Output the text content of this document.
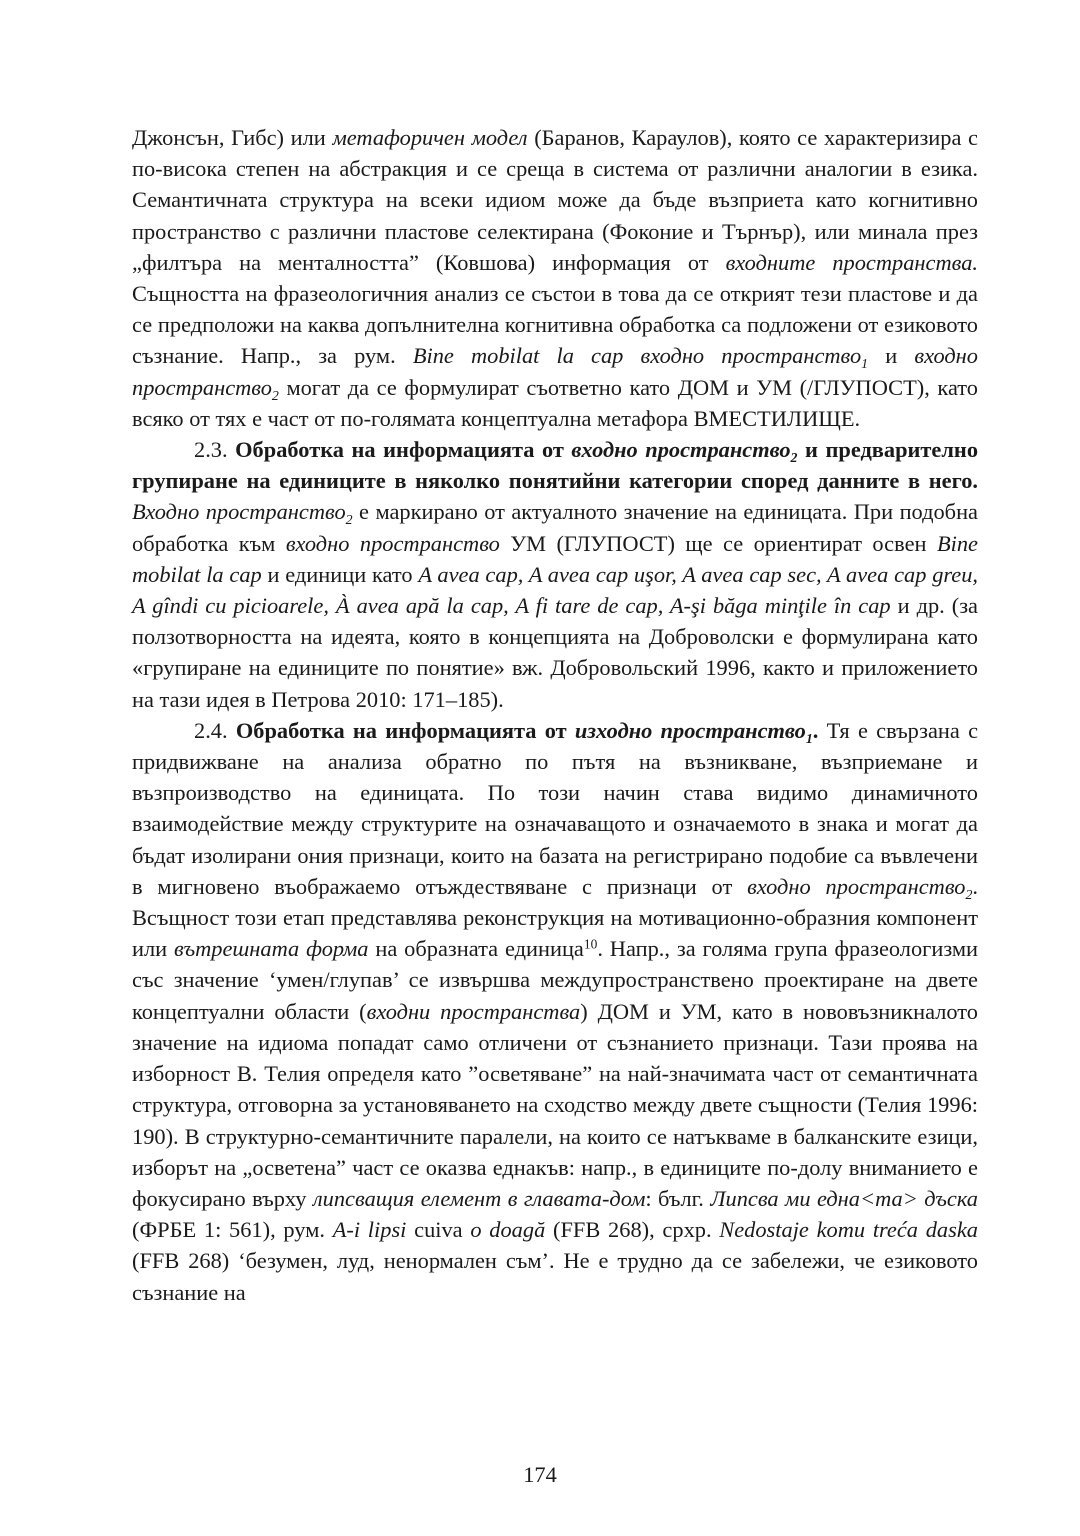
Джонсън, Гибс) или метафоричен модел (Баранов, Караулов), която се характеризира с по-висока степен на абстракция и се среща в система от различни аналогии в езика. Семантичната структура на всеки идиом може да бъде възприета като когнитивно пространство с различни пластове селектирана (Фоконие и Търнър), или минала през „филтъра на менталността” (Ковшова) информация от входните пространства. Същността на фразеологичния анализ се състои в това да се открият тези пластове и да се предположи на каква допълнителна когнитивна обработка са подложени от езиковото съзнание. Напр., за рум. Bine mobilat la cap входно пространство$_1$ и входно пространство$_2$ могат да се формулират съответно като ДОМ и УМ (/ГЛУПОСТ), като всяко от тях е част от по-голямата концептуална метафора ВМЕСТИЛИЩЕ.

2.3. Обработка на информацията от входно пространство$_2$ и предварително групиране на единиците в няколко понятийни категории според данните в него. Входно пространство$_2$ е маркирано от актуалното значение на единицата. При подобна обработка към входно пространство УМ (ГЛУПОСТ) ще се ориентират освен Bine mobilat la cap и единици като A avea cap, A avea cap uşor, A avea cap sec, A avea cap greu, A gîndi cu picioarele, À avea apă la cap, A fi tare de cap, A-şi băga minţile în cap и др. (за ползотворността на идеята, която в концепцията на Доброволски е формулирана като «групиране на единиците по понятие» вж. Добровольский 1996, както и приложението на тази идея в Петрова 2010: 171–185).

2.4. Обработка на информацията от изходно пространство$_1$. Тя е свързана с придвижване на анализа обратно по пътя на възникване, възприемане и възпроизводство на единицата. По този начин става видимо динамичното взаимодействие между структурите на означаващото и означаемото в знака и могат да бъдат изолирани ония признаци, които на базата на регистрирано подобие са въвлечени в мигновено въображаемо отъждествяване с признаци от входно пространство$_2$. Всъщност този етап представлява реконструкция на мотивационно-образния компонент или вътрешната форма на образната единица$^{10}$. Напр., за голяма група фразеологизми със значение ‘умен/глупав’ се извършва междупространствено проектиране на двете концептуални области (входни пространства) ДОМ и УМ, като в нововъзникналото значение на идиома попадат само отличени от съзнанието признаци. Тази проява на изборност В. Телия определя като ”осветяване” на най-значимата част от семантичната структура, отговорна за установяването на сходство между двете същности (Телия 1996: 190). В структурно-семантичните паралели, на които се натъкваме в балканските езици, изборът на „осветена” част се оказва еднакъв: напр., в единиците по-долу вниманието е фокусирано върху липсващия елемент в главата-дом: бълг. Липсва ми една<та> дъска (ФРБЕ 1: 561), рум. A-i lipsi cuiva o doagă (FFB 268), срхр. Nedostaje komu treća daska (FFB 268) ‘безумен, луд, ненормален съм’. Не е трудно да се забележи, че езиковото съзнание на

174
